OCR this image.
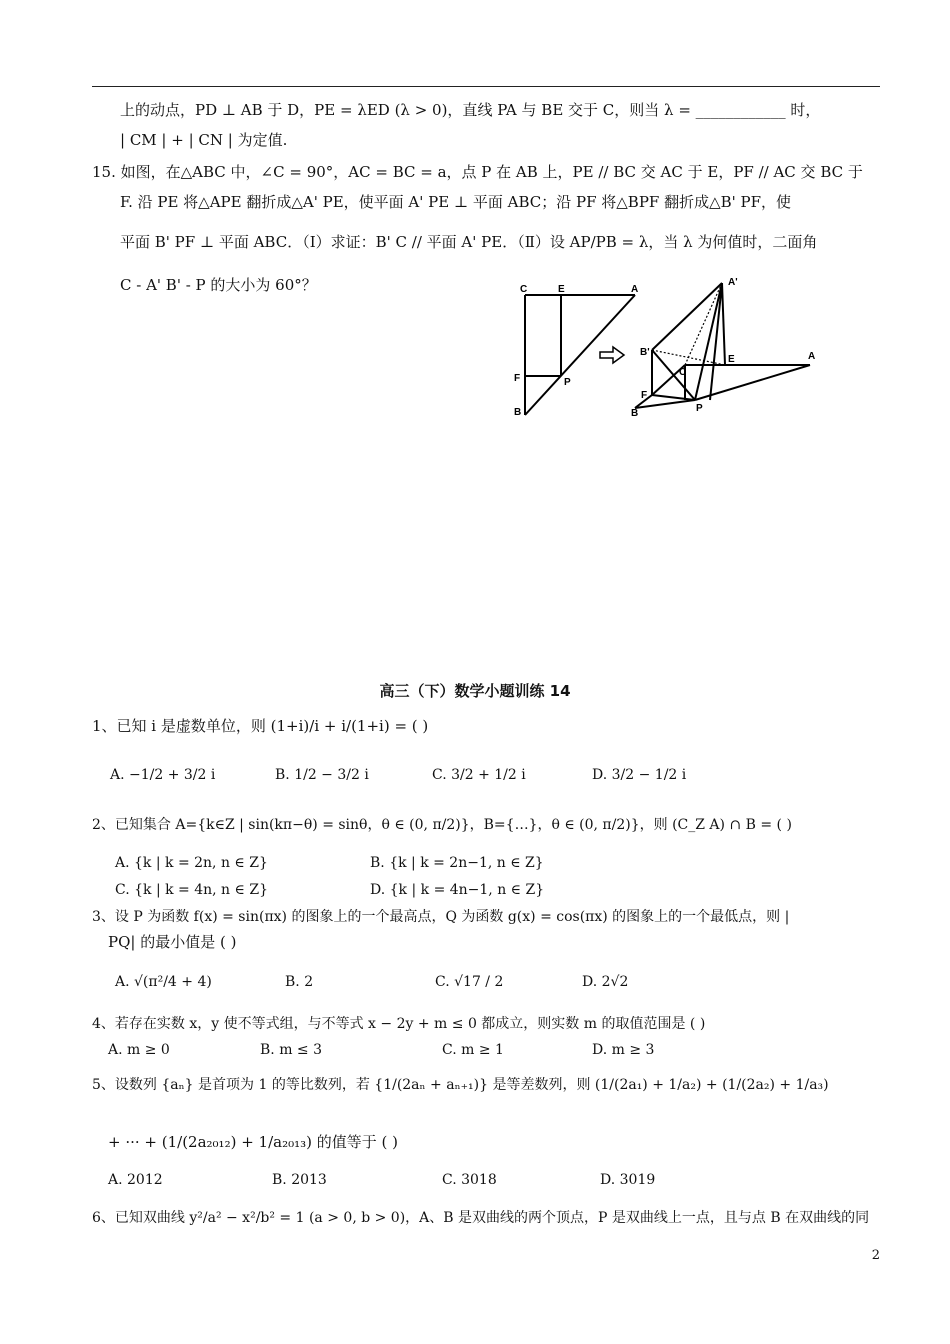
上的动点，PD ⊥ AB 于 D，PE = λED (λ > 0)，直线 PA 与 BE 交于 C，则当 λ = ____________ 时，
| CM | + | CN | 为定值.
15. 如图，在△ABC 中，∠C = 90°，AC = BC = a，点 P 在 AB 上，PE // BC 交 AC 于 E，PF // AC 交 BC 于
F. 沿 PE 将△APE 翻折成△A' PE，使平面 A' PE ⊥ 平面 ABC；沿 PF 将△BPF 翻折成△B' PF，使
平面 B' PF ⊥ 平面 ABC．（Ⅰ）求证：B' C // 平面 A' PE．（Ⅱ）设 AP/PB = λ，当 λ 为何值时，二面角
C - A' B' - P 的大小为 60°？	C	E	A
F	P
B
A'
B'
C
E	A
F
B	P
高三（下）数学小题训练 14
1、已知 i 是虚数单位，则 (1+i)/i + i/(1+i) = ( )
A. −1/2 + 3/2 i	B. 1/2 − 3/2 i	C. 3/2 + 1/2 i	D. 3/2 − 1/2 i
2、已知集合 A={k∈Z | sin(kπ−θ) = sinθ，θ ∈ (0, π/2)}，B={…}，θ ∈ (0, π/2)}，则 (C_Z A) ∩ B = ( )
A. {k | k = 2n, n ∈ Z}	B. {k | k = 2n−1, n ∈ Z}
C. {k | k = 4n, n ∈ Z}	D. {k | k = 4n−1, n ∈ Z}
3、设 P 为函数 f(x) = sin(πx) 的图象上的一个最高点，Q 为函数 g(x) = cos(πx) 的图象上的一个最低点，则 |
PQ| 的最小值是 ( )
A. √(π²/4 + 4)	B. 2	C. √17 / 2	D. 2√2
4、若存在实数 x，y 使不等式组，与不等式 x − 2y + m ≤ 0 都成立，则实数 m 的取值范围是 ( )
A. m ≥ 0	B. m ≤ 3	C. m ≥ 1	D. m ≥ 3
5、设数列 {aₙ} 是首项为 1 的等比数列，若 {1/(2aₙ + aₙ₊₁)} 是等差数列，则 (1/(2a₁) + 1/a₂) + (1/(2a₂) + 1/a₃)
+ ··· + (1/(2a₂₀₁₂) + 1/a₂₀₁₃) 的值等于 ( )
A. 2012	B. 2013	C. 3018	D. 3019
6、已知双曲线 y²/a² − x²/b² = 1 (a > 0, b > 0)，A、B 是双曲线的两个顶点，P 是双曲线上一点，且与点 B 在双曲线的同
2
